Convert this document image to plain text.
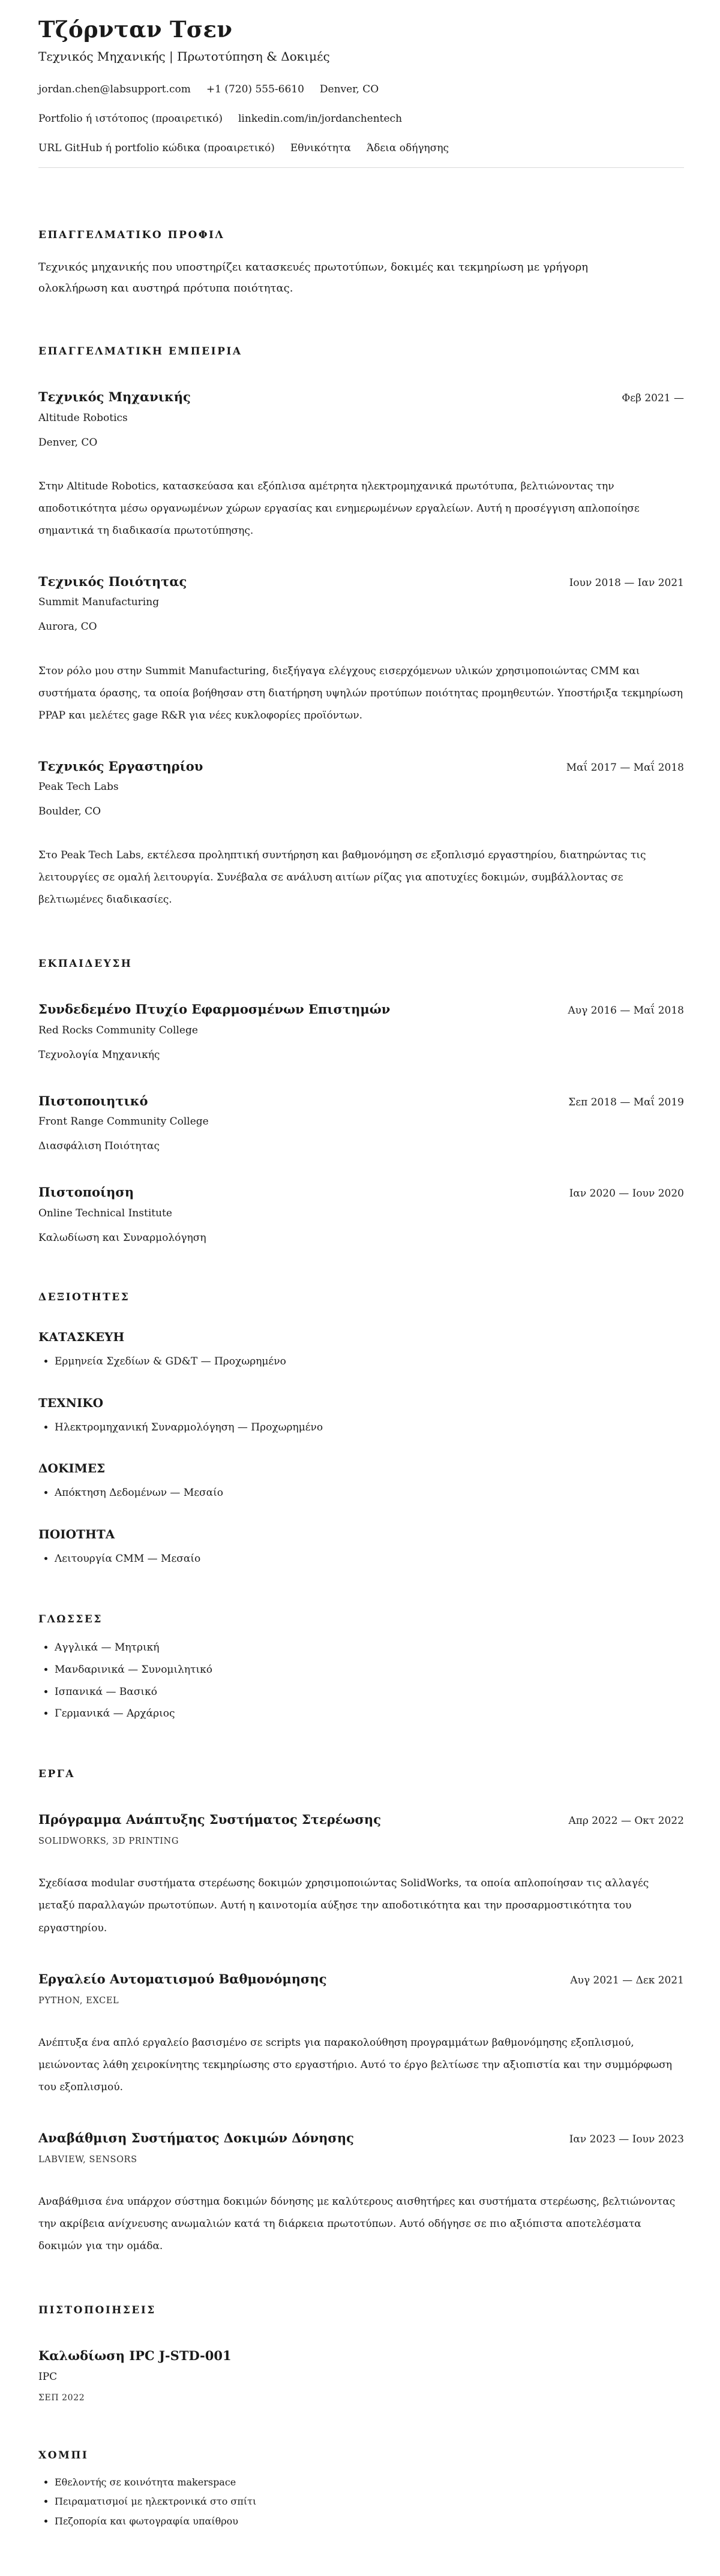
Τζόρνταν Τσεν
Τεχνικός Μηχανικής | Πρωτοτύπηση & Δοκιμές
jordan.chen@labsupport.com +1 (720) 555-6610 Denver, CO
Portfolio ή ιστότοπος (προαιρετικό) linkedin.com/in/jordanchentech
URL GitHub ή portfolio κώδικα (προαιρετικό) Εθνικότητα Άδεια οδήγησης
ΕΠΑΓΓΕΛΜΑΤΙΚΟ ΠΡΟΦΙΛ

Τεχνικός μηχανικής που υποστηρίζει κατασκευές πρωτοτύπων, δοκιμές και τεκμηρίωση με γρήγορη ολοκλήρωση και αυστηρά πρότυπα ποιότητας.

ΕΠΑΓΓΕΛΜΑΤΙΚΗ ΕΜΠΕΙΡΙΑ
Τεχνικός Μηχανικής	Φεβ 2021 —
Altitude Robotics
Denver, CO

Στην Altitude Robotics, κατασκεύασα και εξόπλισα αμέτρητα ηλεκτρομηχανικά πρωτότυπα, βελτιώνοντας την αποδοτικότητα μέσω οργανωμένων χώρων εργασίας και ενημερωμένων εργαλείων. Αυτή η προσέγγιση απλοποίησε σημαντικά τη διαδικασία πρωτοτύπησης.

Τεχνικός Ποιότητας	Ιουν 2018 — Ιαν 2021
Summit Manufacturing
Aurora, CO

Στον ρόλο μου στην Summit Manufacturing, διεξήγαγα ελέγχους εισερχόμενων υλικών χρησιμοποιώντας CMM και συστήματα όρασης, τα οποία βοήθησαν στη διατήρηση υψηλών προτύπων ποιότητας προμηθευτών. Υποστήριξα τεκμηρίωση PPAP και μελέτες gage R&R για νέες κυκλοφορίες προϊόντων.

Τεχνικός Εργαστηρίου	Μαΐ 2017 — Μαΐ 2018
Peak Tech Labs
Boulder, CO

Στο Peak Tech Labs, εκτέλεσα προληπτική συντήρηση και βαθμονόμηση σε εξοπλισμό εργαστηρίου, διατηρώντας τις λειτουργίες σε ομαλή λειτουργία. Συνέβαλα σε ανάλυση αιτίων ρίζας για αποτυχίες δοκιμών, συμβάλλοντας σε βελτιωμένες διαδικασίες.

ΕΚΠΑΙΔΕΥΣΗ
Συνδεδεμένο Πτυχίο Εφαρμοσμένων Επιστημών	Αυγ 2016 — Μαΐ 2018
Red Rocks Community College
Τεχνολογία Μηχανικής
Πιστοποιητικό	Σεπ 2018 — Μαΐ 2019
Front Range Community College
Διασφάλιση Ποιότητας
Πιστοποίηση	Ιαν 2020 — Ιουν 2020
Online Technical Institute
Καλωδίωση και Συναρμολόγηση
ΔΕΞΙΟΤΗΤΕΣ
ΚΑΤΑΣΚΕΥΗ
• Ερμηνεία Σχεδίων & GD&T — Προχωρημένο
ΤΕΧΝΙΚΟ
• Ηλεκτρομηχανική Συναρμολόγηση — Προχωρημένο
ΔΟΚΙΜΕΣ
• Απόκτηση Δεδομένων — Μεσαίο
ΠΟΙΟΤΗΤΑ
• Λειτουργία CMM — Μεσαίο
ΓΛΩΣΣΕΣ
• Αγγλικά — Μητρική
• Μανδαρινικά — Συνομιλητικό
• Ισπανικά — Βασικό
• Γερμανικά — Αρχάριος
ΕΡΓΑ
Πρόγραμμα Ανάπτυξης Συστήματος Στερέωσης	Απρ 2022 — Οκτ 2022
SOLIDWORKS, 3D PRINTING

Σχεδίασα modular συστήματα στερέωσης δοκιμών χρησιμοποιώντας SolidWorks, τα οποία απλοποίησαν τις αλλαγές μεταξύ παραλλαγών πρωτοτύπων. Αυτή η καινοτομία αύξησε την αποδοτικότητα και την προσαρμοστικότητα του εργαστηρίου.

Εργαλείο Αυτοματισμού Βαθμονόμησης	Αυγ 2021 — Δεκ 2021
PYTHON, EXCEL

Ανέπτυξα ένα απλό εργαλείο βασισμένο σε scripts για παρακολούθηση προγραμμάτων βαθμονόμησης εξοπλισμού, μειώνοντας λάθη χειροκίνητης τεκμηρίωσης στο εργαστήριο. Αυτό το έργο βελτίωσε την αξιοπιστία και την συμμόρφωση του εξοπλισμού.

Αναβάθμιση Συστήματος Δοκιμών Δόνησης	Ιαν 2023 — Ιουν 2023
LABVIEW, SENSORS

Αναβάθμισα ένα υπάρχον σύστημα δοκιμών δόνησης με καλύτερους αισθητήρες και συστήματα στερέωσης, βελτιώνοντας την ακρίβεια ανίχνευσης ανωμαλιών κατά τη διάρκεια πρωτοτύπων. Αυτό οδήγησε σε πιο αξιόπιστα αποτελέσματα δοκιμών για την ομάδα.

ΠΙΣΤΟΠΟΙΗΣΕΙΣ
Καλωδίωση IPC J-STD-001
IPC
ΣΕΠ 2022
ΧΟΜΠΙ
• Εθελοντής σε κοινότητα makerspace
• Πειραματισμοί με ηλεκτρονικά στο σπίτι
• Πεζοπορία και φωτογραφία υπαίθρου
